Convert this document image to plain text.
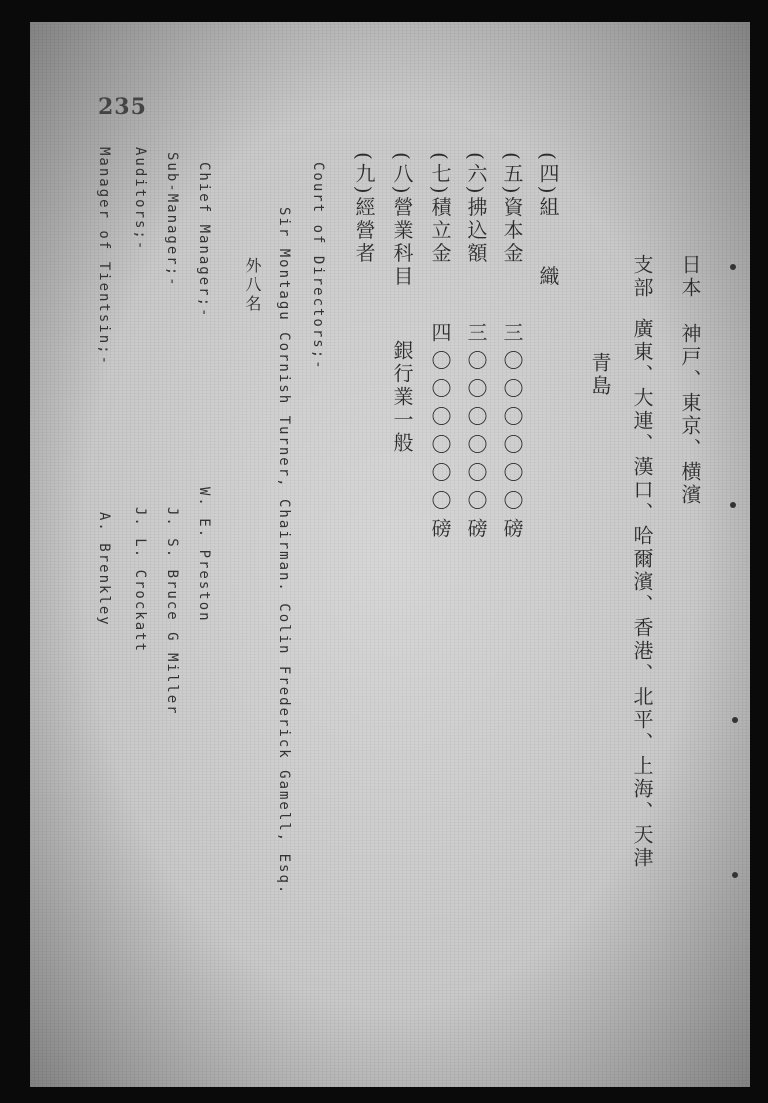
235
日本　神戸、東京、横濱
支部
廣東、大連、漢口、哈爾濱、香港、北平、上海、天津
青島
(四)組　　織
(五)資本金
三〇〇〇〇〇〇磅
(六)拂込額
三〇〇〇〇〇〇磅
(七)積立金
四〇〇〇〇〇〇磅
(八)營業科目
銀行業一般
(九)經營者
Court of Directors;-
Sir Montagu Cornish Turner, Chairman. Colin Frederick Gamell, Esq.
外八名
Chief Manager;-
W. E. Preston
Sub-Manager;-
J. S. Bruce G Miller
Auditors;-
J. L. Crockatt
Manager of Tientsin;-
A. Brenkley
